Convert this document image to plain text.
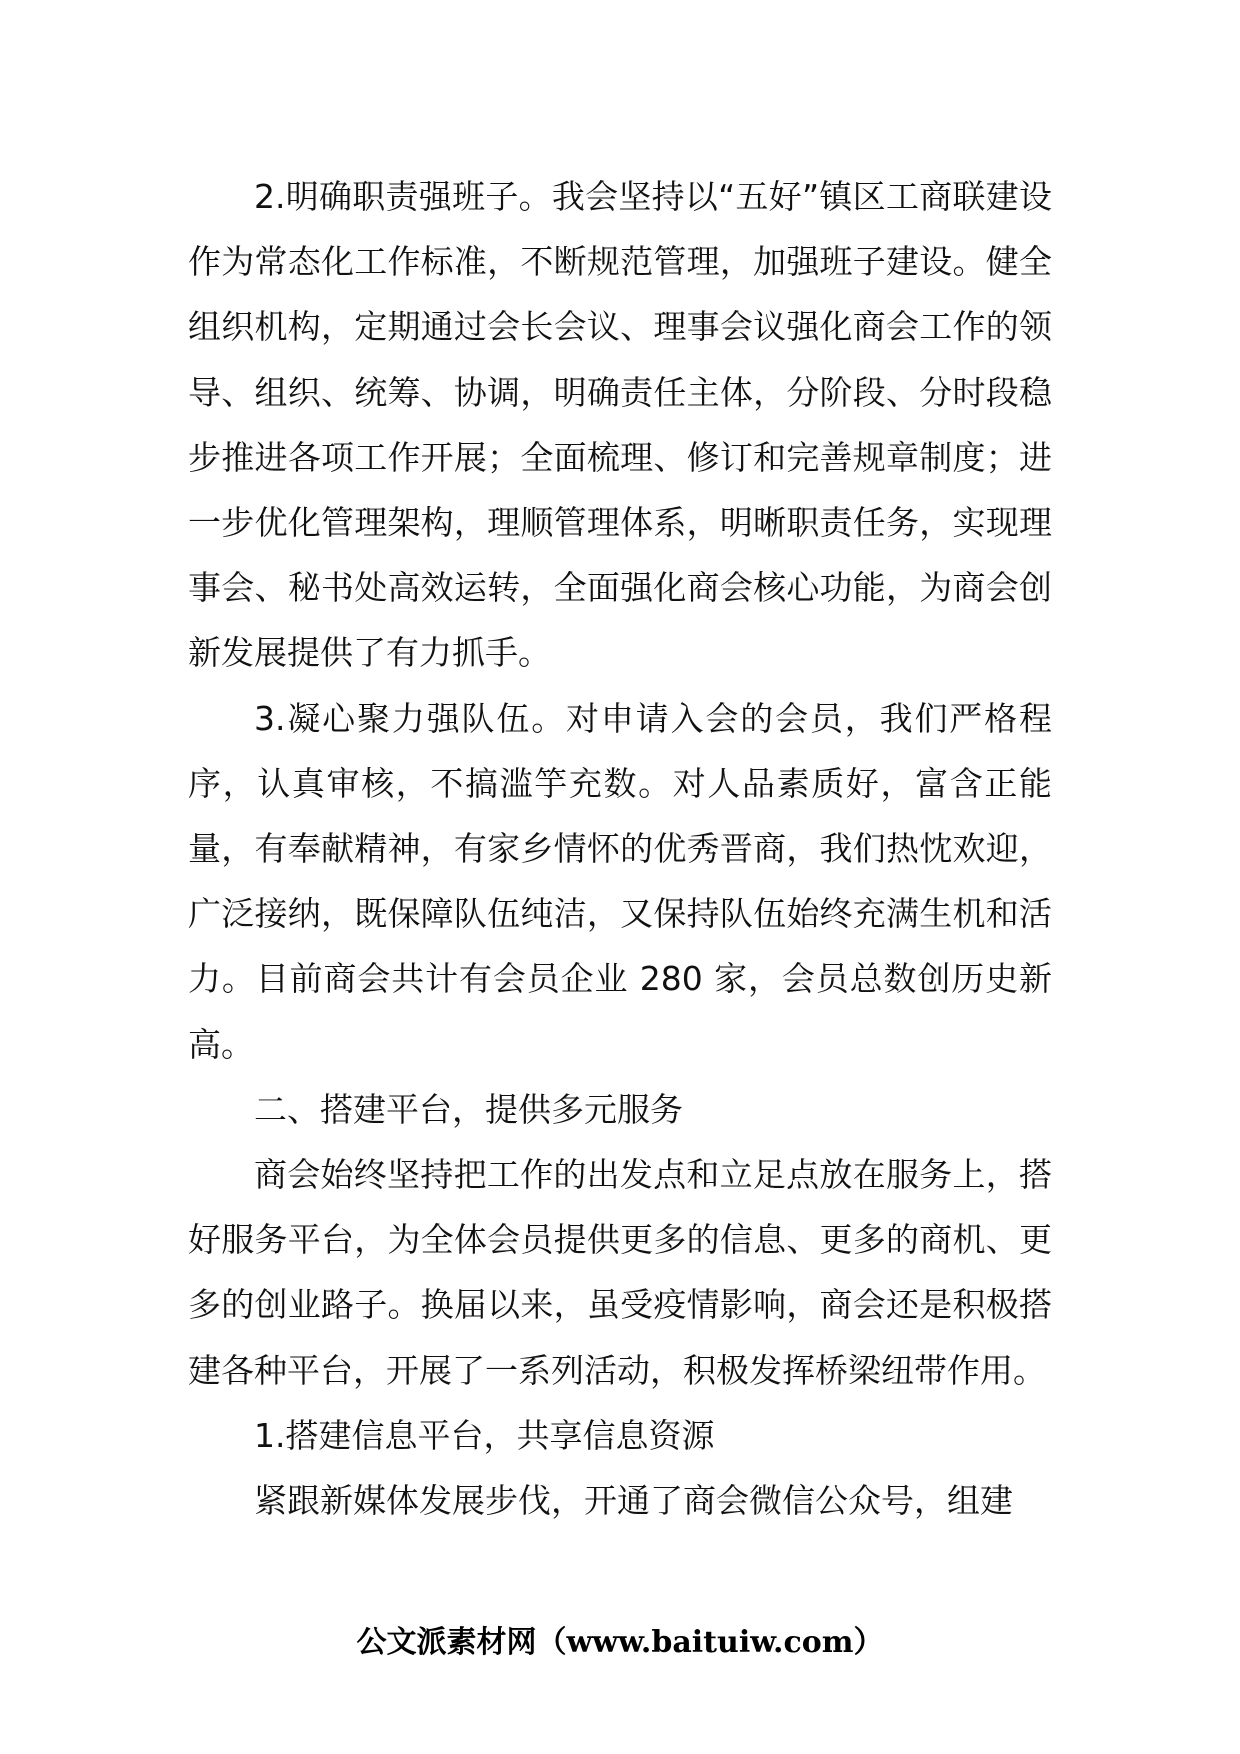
2.明确职责强班子。我会坚持以“五好”镇区工商联建设作为常态化工作标准，不断规范管理，加强班子建设。健全组织机构，定期通过会长会议、理事会议强化商会工作的领导、组织、统筹、协调，明确责任主体，分阶段、分时段稳步推进各项工作开展；全面梳理、修订和完善规章制度；进一步优化管理架构，理顺管理体系，明晰职责任务，实现理事会、秘书处高效运转，全面强化商会核心功能，为商会创新发展提供了有力抓手。

3.凝心聚力强队伍。对申请入会的会员，我们严格程序，认真审核，不搞滥竽充数。对人品素质好，富含正能量，有奉献精神，有家乡情怀的优秀晋商，我们热忱欢迎，广泛接纳，既保障队伍纯洁，又保持队伍始终充满生机和活力。目前商会共计有会员企业 280 家，会员总数创历史新高。

二、搭建平台，提供多元服务

商会始终坚持把工作的出发点和立足点放在服务上，搭好服务平台，为全体会员提供更多的信息、更多的商机、更多的创业路子。换届以来，虽受疫情影响，商会还是积极搭建各种平台，开展了一系列活动，积极发挥桥梁纽带作用。

1.搭建信息平台，共享信息资源

紧跟新媒体发展步伐，开通了商会微信公众号，组建

公文派素材网（www.baituiw.com）
